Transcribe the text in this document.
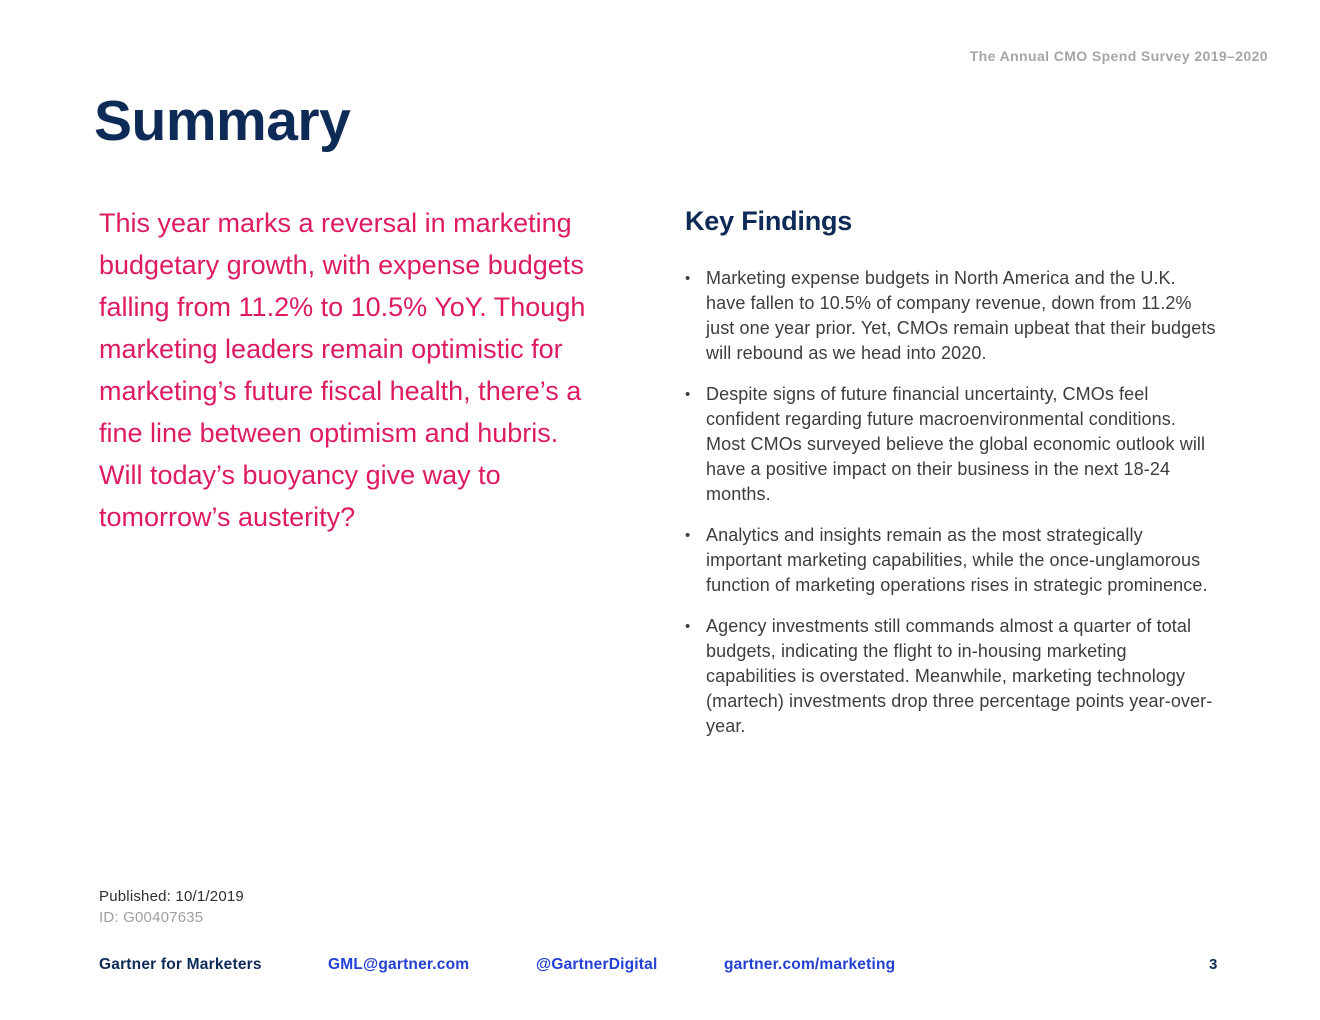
The Annual CMO Spend Survey 2019–2020
Summary
This year marks a reversal in marketing
budgetary growth, with expense budgets
falling from 11.2% to 10.5% YoY. Though
marketing leaders remain optimistic for
marketing’s future fiscal health, there’s a
fine line between optimism and hubris.
Will today’s buoyancy give way to
tomorrow’s austerity?
Key Findings
• Marketing expense budgets in North America and the U.K. have fallen to 10.5% of company revenue, down from 11.2% just one year prior. Yet, CMOs remain upbeat that their budgets will rebound as we head into 2020.
• Despite signs of future financial uncertainty, CMOs feel confident regarding future macroenvironmental conditions. Most CMOs surveyed believe the global economic outlook will have a positive impact on their business in the next 18-24 months.
• Analytics and insights remain as the most strategically important marketing capabilities, while the once-unglamorous function of marketing operations rises in strategic prominence.
• Agency investments still commands almost a quarter of total budgets, indicating the flight to in-housing marketing capabilities is overstated. Meanwhile, marketing technology (martech) investments drop three percentage points year-over-year.
Published: 10/1/2019
ID: G00407635
Gartner for Marketers	GML@gartner.com	@GartnerDigital	gartner.com/marketing	3
